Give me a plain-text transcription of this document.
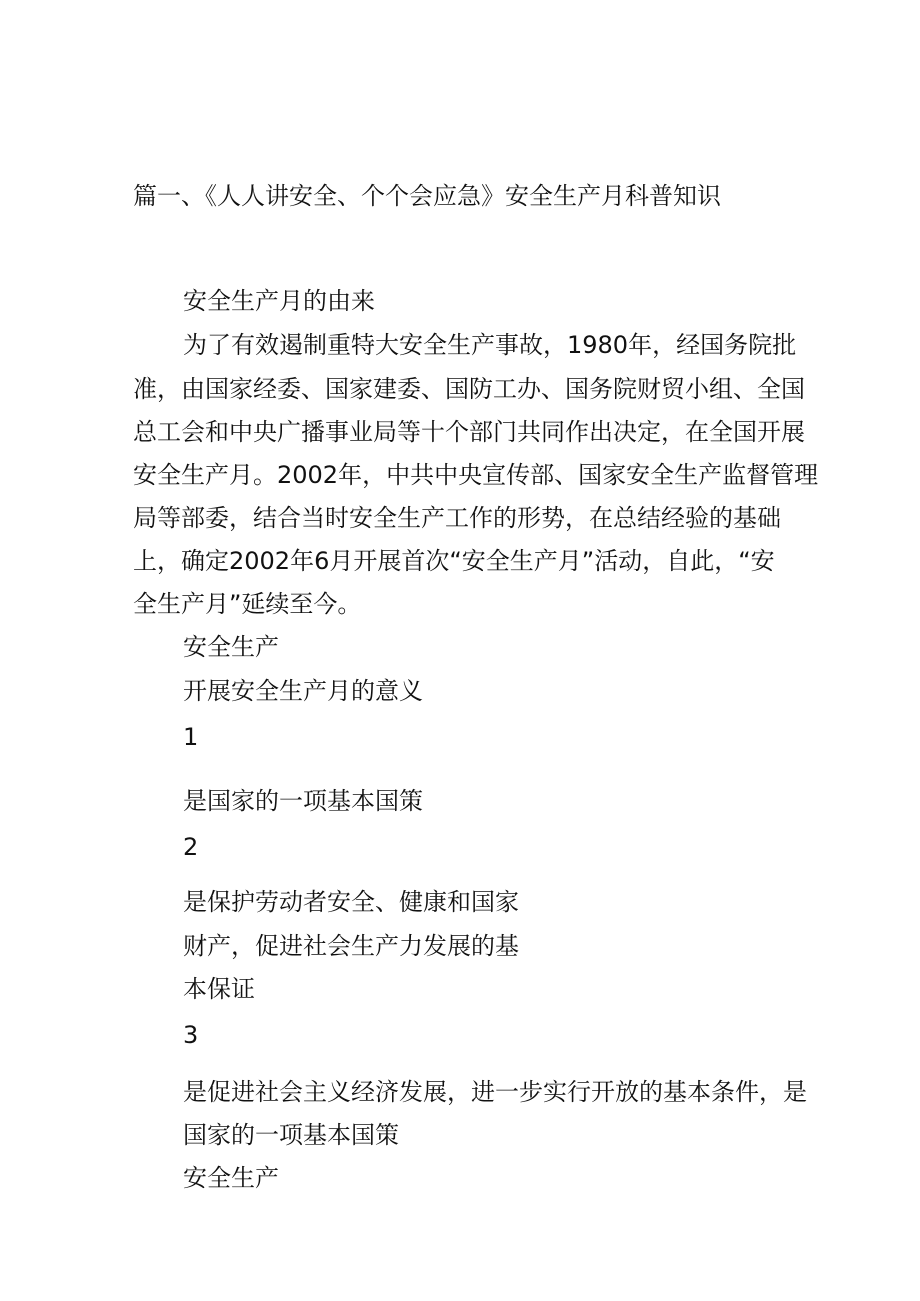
篇一、《人人讲安全、个个会应急》安全生产月科普知识
安全生产月的由来
为了有效遏制重特大安全生产事故，1980年，经国务院批
准，由国家经委、国家建委、国防工办、国务院财贸小组、全国
总工会和中央广播事业局等十个部门共同作出决定，在全国开展
安全生产月。2002年，中共中央宣传部、国家安全生产监督管理
局等部委，结合当时安全生产工作的形势，在总结经验的基础
上，确定2002年6月开展首次“安全生产月”活动，自此，“安
全生产月”延续至今。
安全生产
开展安全生产月的意义
1
是国家的一项基本国策
2
是保护劳动者安全、健康和国家
财产，促进社会生产力发展的基
本保证
3
是促进社会主义经济发展，进一步实行开放的基本条件，是
国家的一项基本国策
安全生产
